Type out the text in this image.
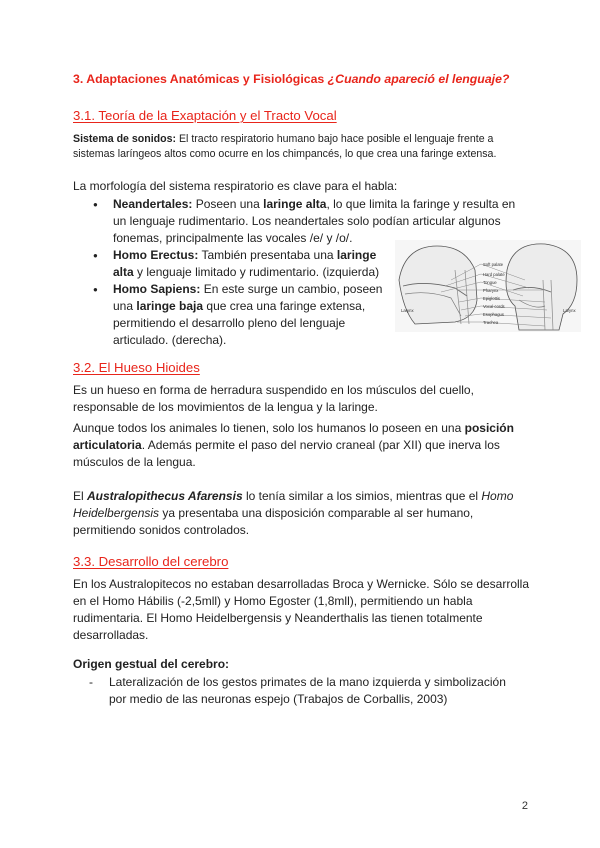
3. Adaptaciones Anatómicas y Fisiológicas ¿Cuando apareció el lenguaje?
3.1. Teoría de la Exaptación y el Tracto Vocal
Sistema de sonidos: El tracto respiratorio humano bajo hace posible el lenguaje frente a sistemas laríngeos altos como ocurre en los chimpancés, lo que crea una faringe extensa.
La morfología del sistema respiratorio es clave para el habla:
● Neandertales: Poseen una laringe alta, lo que limita la faringe y resulta en un lenguaje rudimentario. Los neandertales solo podían articular algunos fonemas, principalmente las vocales /e/ y /o/.
● Homo Erectus: También presentaba una laringe alta y lenguaje limitado y rudimentario. (izquierda)
● Homo Sapiens: En este surge un cambio, poseen una laringe baja que crea una faringe extensa, permitiendo el desarrollo pleno del lenguaje articulado. (derecha).
Soft palate
Hard palate
Tongue
Pharynx
Epiglottis
Vocal cords
Esophagus
Trachea
Larynx	Larynx
3.2. El Hueso Hioides
Es un hueso en forma de herradura suspendido en los músculos del cuello, responsable de los movimientos de la lengua y la laringe.
Aunque todos los animales lo tienen, solo los humanos lo poseen en una posición articulatoria. Además permite el paso del nervio craneal (par XII) que inerva los músculos de la lengua.
El Australopithecus Afarensis lo tenía similar a los simios, mientras que el Homo Heidelbergensis ya presentaba una disposición comparable al ser humano, permitiendo sonidos controlados.
3.3. Desarrollo del cerebro
En los Australopitecos no estaban desarrolladas Broca y Wernicke. Sólo se desarrolla en el Homo Hábilis (-2,5mll) y Homo Egoster (1,8mll), permitiendo un habla rudimentaria. El Homo Heidelbergensis y Neanderthalis las tienen totalmente desarrolladas.
Origen gestual del cerebro:
- Lateralización de los gestos primates de la mano izquierda y simbolización por medio de las neuronas espejo (Trabajos de Corballis, 2003)
2
